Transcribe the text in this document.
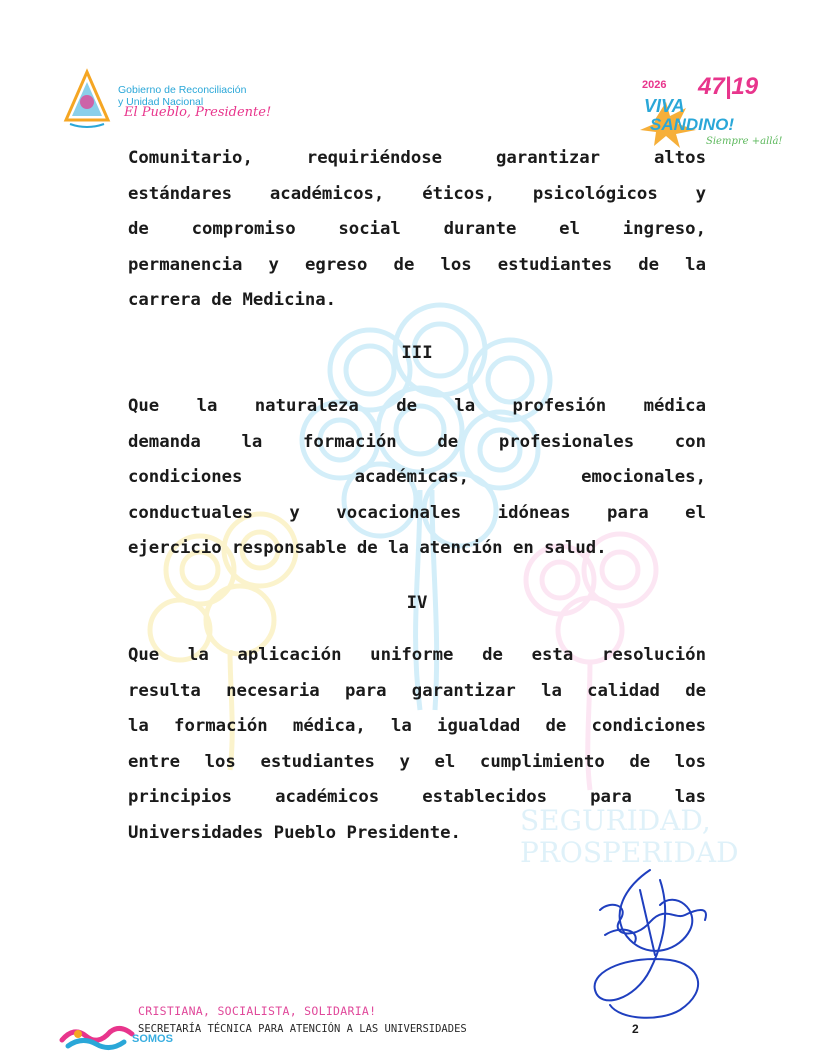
SEGURIDAD,
PROSPERIDAD
Gobierno de Reconciliación
y Unidad Nacional
El Pueblo, Presidente!
2026 47|19
VIVA
SANDINO!
Siempre +allá!
Comunitario, requiriéndose garantizar altos
estándares académicos, éticos, psicológicos y
de compromiso social durante el ingreso,
permanencia y egreso de los estudiantes de la
carrera de Medicina.
III
Que la naturaleza de la profesión médica
demanda la formación de profesionales con
condiciones académicas, emocionales,
conductuales y vocacionales idóneas para el
ejercicio responsable de la atención en salud.
IV
Que la aplicación uniforme de esta resolución
resulta necesaria para garantizar la calidad de
la formación médica, la igualdad de condiciones
entre los estudiantes y el cumplimiento de los
principios académicos establecidos para las
Universidades Pueblo Presidente.
CRISTIANA, SOCIALISTA, SOLIDARIA!
SECRETARÍA TÉCNICA PARA ATENCIÓN A LAS UNIVERSIDADES
SOMOS
2
